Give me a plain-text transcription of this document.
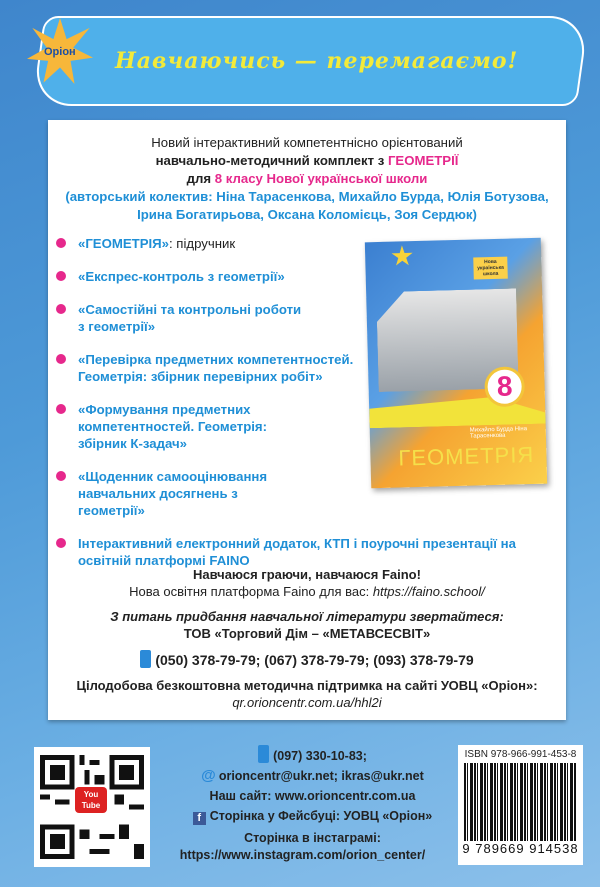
Оріон Навчаючись — перемагаємо!
Новий інтерактивний компетентнісно орієнтований
навчально-методичний комплект з ГЕОМЕТРІЇ
для 8 класу Нової української школи
(авторський колектив: Ніна Тарасенкова, Михайло Бурда, Юлія Ботузова, Ірина Богатирьова, Оксана Коломієць, Зоя Сердюк)
«ГЕОМЕТРІЯ»: підручник
«Експрес-контроль з геометрії»
«Самостійні та контрольні роботи з геометрії»
«Перевірка предметних компетентностей. Геометрія: збірник перевірних робіт»
«Формування предметних компетентностей. Геометрія: збірник К-задач»
«Щоденник самооцінювання навчальних досягнень з геометрії»
Інтерактивний електронний додаток, КТП і поурочні презентації на освітній платформі FAINO
Нова українська школа
8
Михайло Бурда Ніна Тарасенкова
ГЕОМЕТРІЯ
Навчаюся граючи, навчаюся Faino!
Нова освітня платформа Faino для вас: https://faino.school/
З питань придбання навчальної літератури звертайтеся:
ТОВ «Торговий Дім – «МЕТАВСЕСВІТ»
(050) 378-79-79; (067) 378-79-79; (093) 378-79-79
Цілодобова безкоштовна методична підтримка на сайті УОВЦ «Оріон»:
qr.orioncentr.com.ua/hhl2i
You Tube
(097) 330-10-83;
@ orioncentr@ukr.net; ikras@ukr.net
Наш сайт: www.orioncentr.com.ua
f Сторінка у Фейсбуці: УОВЦ «Оріон»
Сторінка в інстаграмі:
https://www.instagram.com/orion_center/
ISBN 978-966-991-453-8
9 789669 914538
